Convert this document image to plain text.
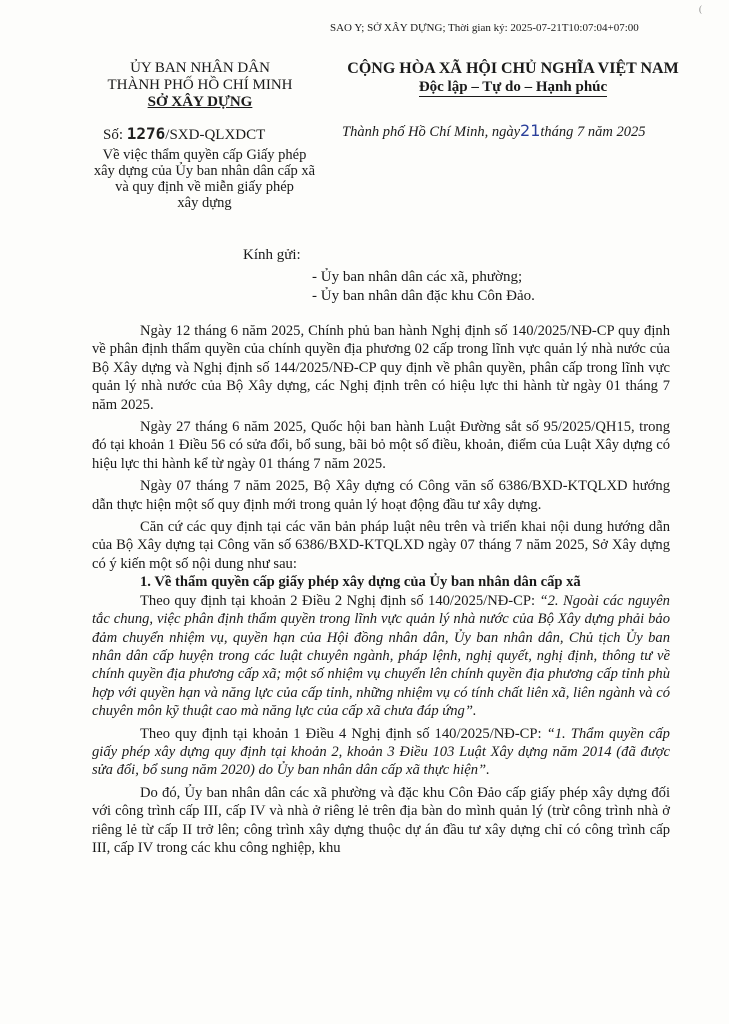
(
SAO Y; SỞ XÂY DỰNG; Thời gian ký: 2025-07-21T10:07:04+07:00
ỦY BAN NHÂN DÂN
THÀNH PHỐ HỒ CHÍ MINH
SỞ XÂY DỰNG
CỘNG HÒA XÃ HỘI CHỦ NGHĨA VIỆT NAM
Độc lập – Tự do – Hạnh phúc
Số: 1276/SXD-QLXDCT	Thành phố Hồ Chí Minh, ngày21tháng 7 năm 2025
Về việc thẩm quyền cấp Giấy phép
xây dựng của Ủy ban nhân dân cấp xã
và quy định về miễn giấy phép
xây dựng
Kính gửi:
- Ủy ban nhân dân các xã, phường;
- Ủy ban nhân dân đặc khu Côn Đảo.

Ngày 12 tháng 6 năm 2025, Chính phủ ban hành Nghị định số 140/2025/NĐ-CP quy định về phân định thẩm quyền của chính quyền địa phương 02 cấp trong lĩnh vực quản lý nhà nước của Bộ Xây dựng và Nghị định số 144/2025/NĐ-CP quy định về phân quyền, phân cấp trong lĩnh vực quản lý nhà nước của Bộ Xây dựng, các Nghị định trên có hiệu lực thi hành từ ngày 01 tháng 7 năm 2025.

Ngày 27 tháng 6 năm 2025, Quốc hội ban hành Luật Đường sắt số 95/2025/QH15, trong đó tại khoản 1 Điều 56 có sửa đổi, bổ sung, bãi bỏ một số điều, khoản, điểm của Luật Xây dựng có hiệu lực thi hành kể từ ngày 01 tháng 7 năm 2025.

Ngày 07 tháng 7 năm 2025, Bộ Xây dựng có Công văn số 6386/BXD-KTQLXD hướng dẫn thực hiện một số quy định mới trong quản lý hoạt động đầu tư xây dựng.

Căn cứ các quy định tại các văn bản pháp luật nêu trên và triển khai nội dung hướng dẫn của Bộ Xây dựng tại Công văn số 6386/BXD-KTQLXD ngày 07 tháng 7 năm 2025, Sở Xây dựng có ý kiến một số nội dung như sau:

1. Về thẩm quyền cấp giấy phép xây dựng của Ủy ban nhân dân cấp xã

Theo quy định tại khoản 2 Điều 2 Nghị định số 140/2025/NĐ-CP: “2. Ngoài các nguyên tắc chung, việc phân định thẩm quyền trong lĩnh vực quản lý nhà nước của Bộ Xây dựng phải bảo đảm chuyển nhiệm vụ, quyền hạn của Hội đồng nhân dân, Ủy ban nhân dân, Chủ tịch Ủy ban nhân dân cấp huyện trong các luật chuyên ngành, pháp lệnh, nghị quyết, nghị định, thông tư về chính quyền địa phương cấp xã; một số nhiệm vụ chuyển lên chính quyền địa phương cấp tỉnh phù hợp với quyền hạn và năng lực của cấp tỉnh, những nhiệm vụ có tính chất liên xã, liên ngành và có chuyên môn kỹ thuật cao mà năng lực của cấp xã chưa đáp ứng”.

Theo quy định tại khoản 1 Điều 4 Nghị định số 140/2025/NĐ-CP: “1. Thẩm quyền cấp giấy phép xây dựng quy định tại khoản 2, khoản 3 Điều 103 Luật Xây dựng năm 2014 (đã được sửa đổi, bổ sung năm 2020) do Ủy ban nhân dân cấp xã thực hiện”.

Do đó, Ủy ban nhân dân các xã phường và đặc khu Côn Đảo cấp giấy phép xây dựng đối với công trình cấp III, cấp IV và nhà ở riêng lẻ trên địa bàn do mình quản lý (trừ công trình nhà ở riêng lẻ từ cấp II trở lên; công trình xây dựng thuộc dự án đầu tư xây dựng chỉ có công trình cấp III, cấp IV trong các khu công nghiệp, khu
